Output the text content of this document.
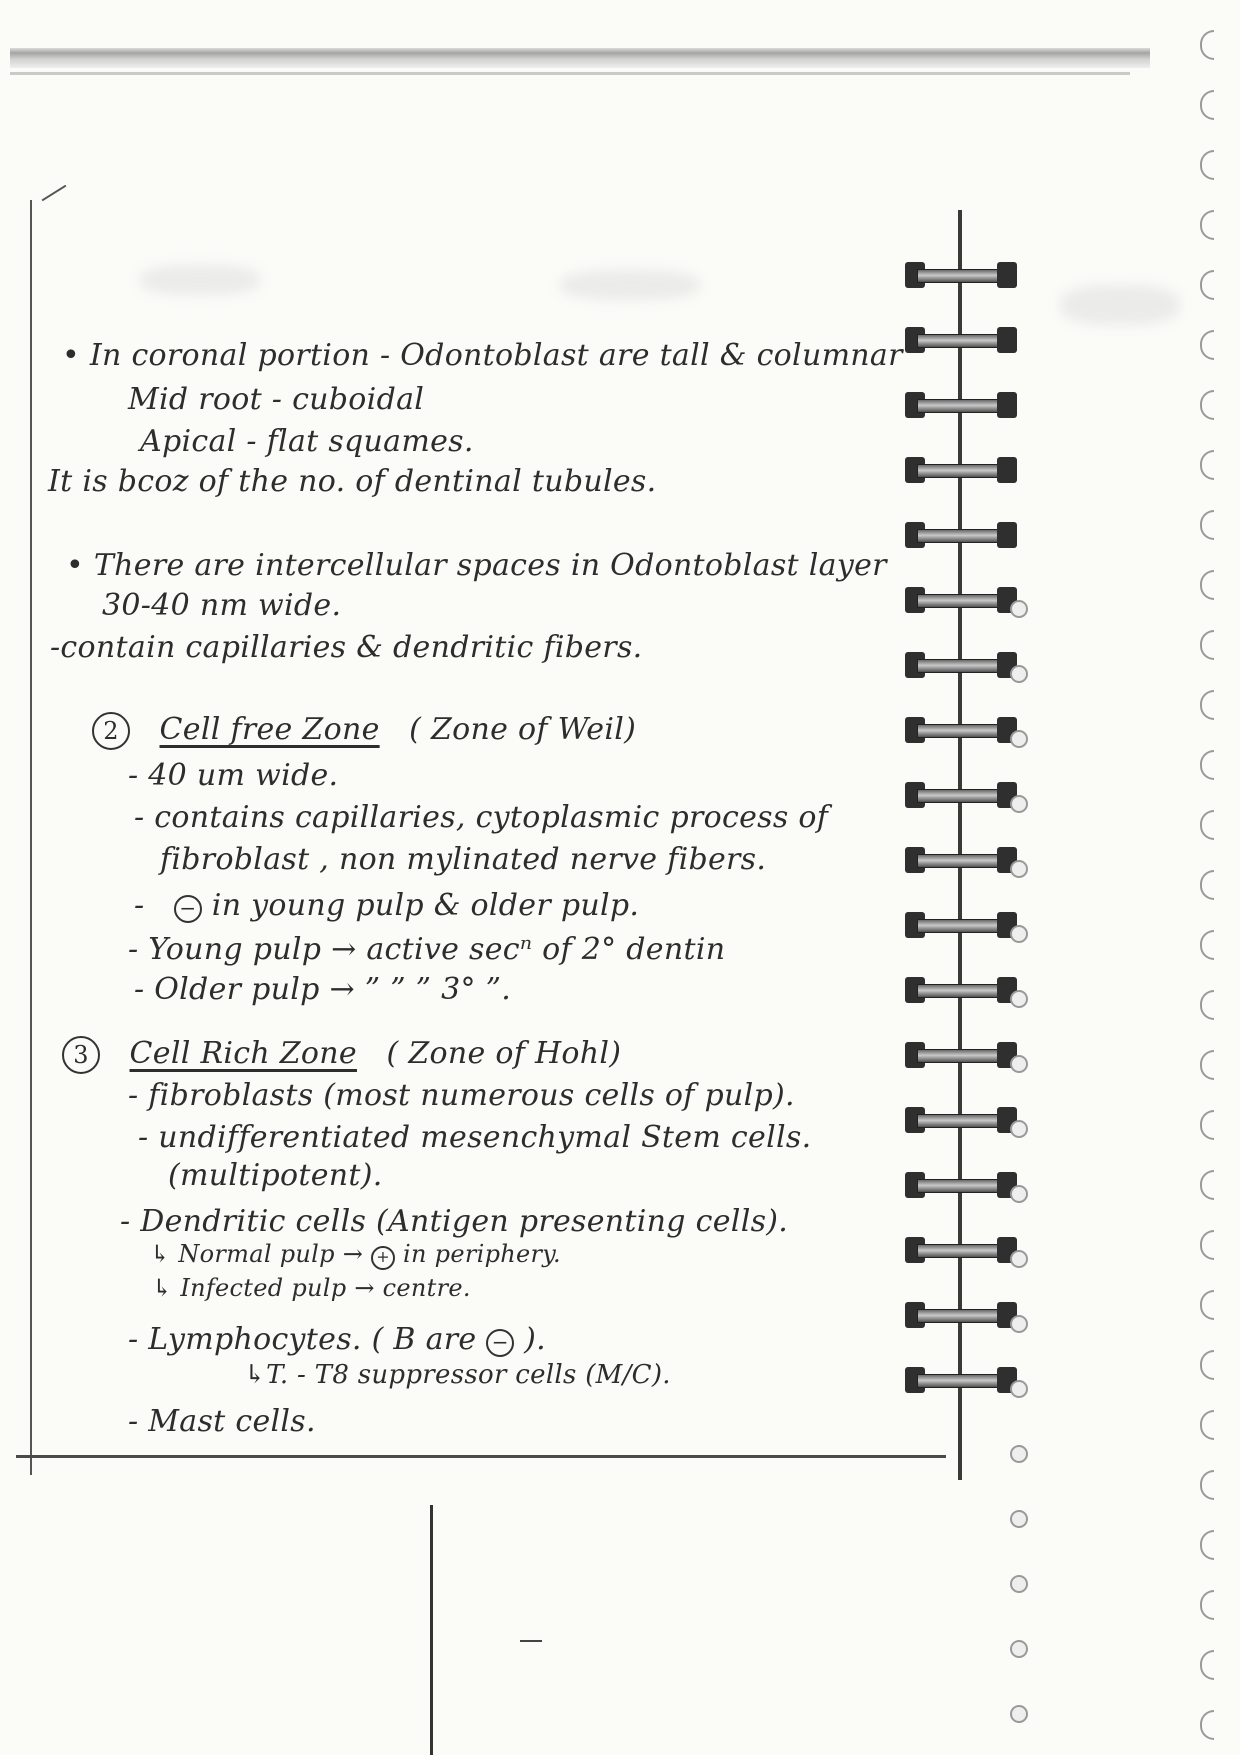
• In coronal portion - Odontoblast are tall & columnar
Mid root - cuboidal
Apical - flat squames.
It is bcoz of the no. of dentinal tubules.
• There are intercellular spaces in Odontoblast layer
30-40 nm wide.
-contain capillaries & dendritic fibers.
2 Cell free Zone ( Zone of Weil)
- 40 um wide.
- contains capillaries, cytoplasmic process of
fibroblast , non mylinated nerve fibers.
- − in young pulp & older pulp.
- Young pulp → active secⁿ of 2° dentin
- Older pulp → ” ” ” 3° ”.
3 Cell Rich Zone ( Zone of Hohl)
- fibroblasts (most numerous cells of pulp).
- undifferentiated mesenchymal Stem cells.
(multipotent).
- Dendritic cells (Antigen presenting cells).
↳ Normal pulp → + in periphery.
↳ Infected pulp → centre.
- Lymphocytes. ( B are − ).
↳T. - T8 suppressor cells (M/C).
- Mast cells.
